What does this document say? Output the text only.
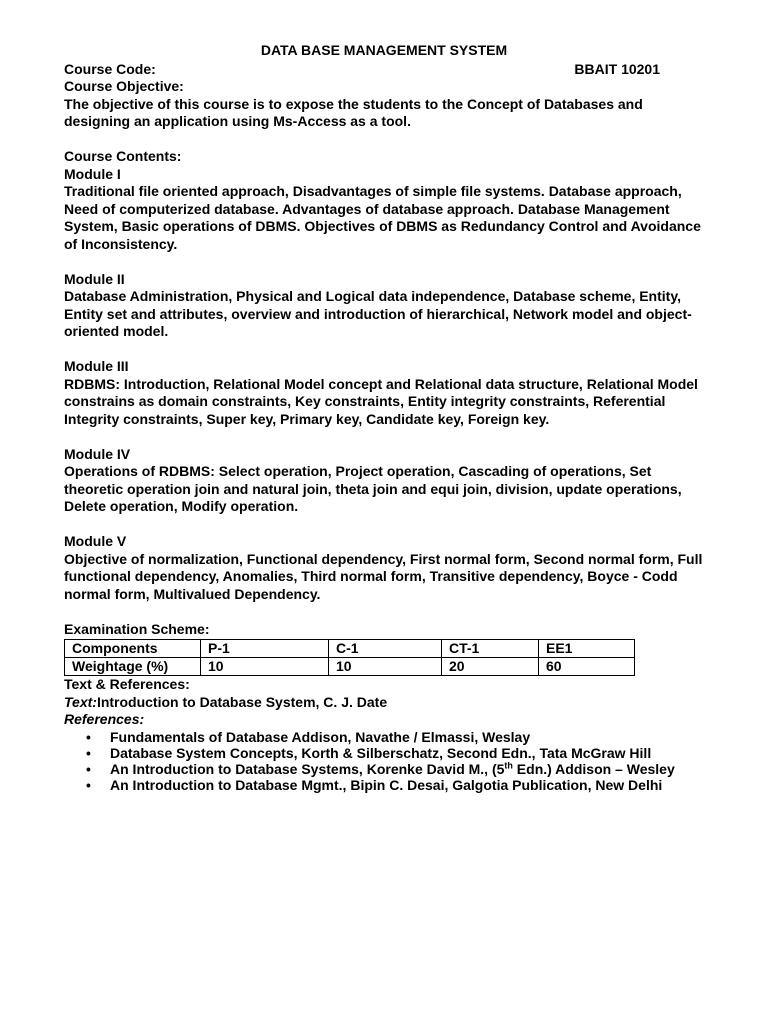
DATA BASE MANAGEMENT SYSTEM
Course Code:	BBAIT 10201

Course Objective:

The objective of this course is to expose the students to the Concept of Databases and designing an application using Ms-Access as a tool.

Course Contents:

Module I

Traditional file oriented approach, Disadvantages of simple file systems. Database approach, Need of computerized database. Advantages of database approach. Database Management System, Basic operations of DBMS. Objectives of DBMS as Redundancy Control and Avoidance of Inconsistency.

Module II

Database Administration, Physical and Logical data independence, Database scheme, Entity, Entity set and attributes, overview and introduction of hierarchical, Network model and object-oriented model.

Module III

RDBMS: Introduction, Relational Model concept and Relational data structure, Relational Model constrains as domain constraints, Key constraints, Entity integrity constraints, Referential Integrity constraints, Super key, Primary key, Candidate key, Foreign key.

Module IV

Operations of RDBMS: Select operation, Project operation, Cascading of operations, Set theoretic operation join and natural join, theta join and equi join, division, update operations, Delete operation, Modify operation.

Module V

Objective of normalization, Functional dependency, First normal form, Second normal form, Full functional dependency, Anomalies, Third normal form, Transitive dependency, Boyce - Codd normal form, Multivalued Dependency.

Examination Scheme:

Components	P-1	C-1	CT-1	EE1
Weightage (%)	10	10	20	60

Text & References:

Text:Introduction to Database System, C. J. Date

References:

• Fundamentals of Database Addison, Navathe / Elmassi, Weslay
• Database System Concepts, Korth & Silberschatz, Second Edn., Tata McGraw Hill
• An Introduction to Database Systems, Korenke David M., (5th Edn.) Addison – Wesley
• An Introduction to Database Mgmt., Bipin C. Desai, Galgotia Publication, New Delhi
